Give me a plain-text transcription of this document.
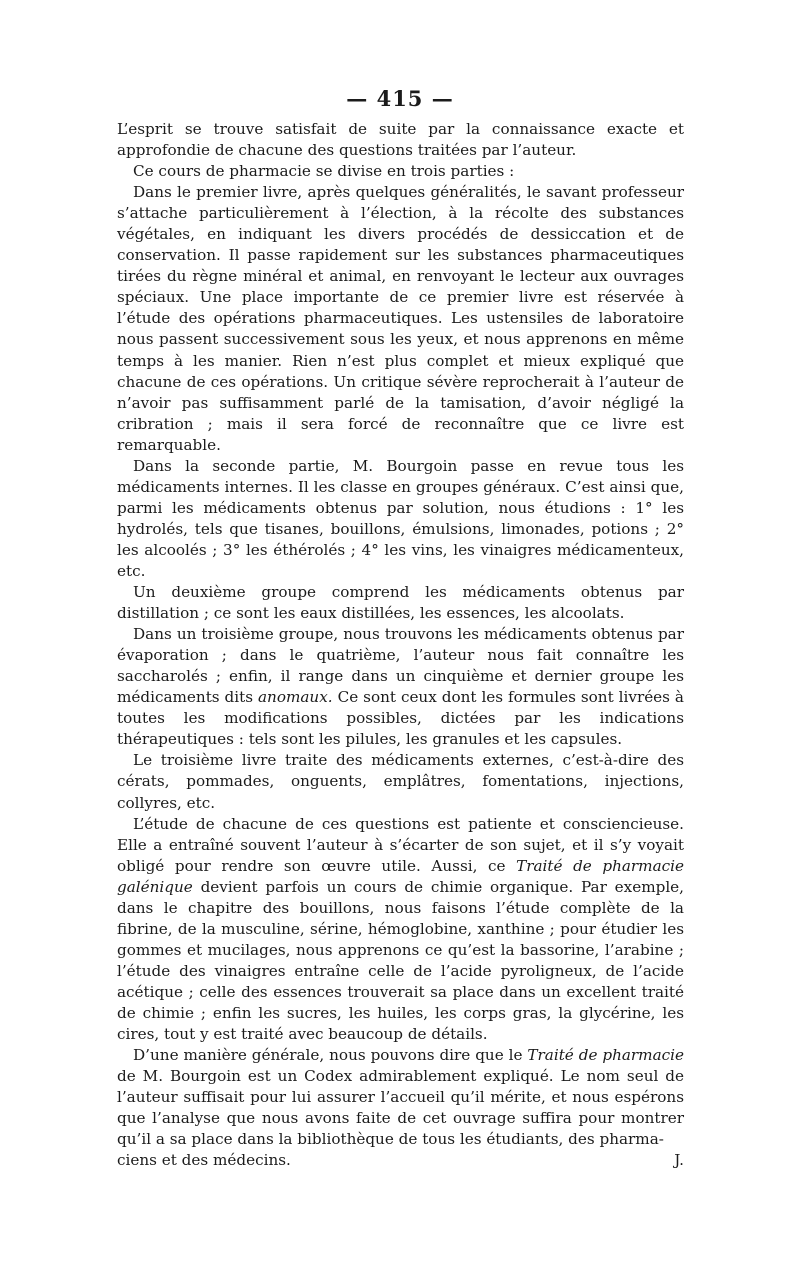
— 415 —

L’esprit se trouve satisfait de suite par la connaissance exacte et approfondie de chacune des questions traitées par l’auteur.

Ce cours de pharmacie se divise en trois parties :

Dans le premier livre, après quelques généralités, le savant professeur s’attache particulièrement à l’élection, à la récolte des substances végétales, en indiquant les divers procédés de dessiccation et de conservation. Il passe rapidement sur les substances pharmaceutiques tirées du règne minéral et animal, en renvoyant le lecteur aux ouvrages spéciaux. Une place importante de ce premier livre est réservée à l’étude des opérations pharmaceutiques. Les ustensiles de laboratoire nous passent successivement sous les yeux, et nous apprenons en même temps à les manier. Rien n’est plus complet et mieux expliqué que chacune de ces opérations. Un critique sévère reprocherait à l’auteur de n’avoir pas suffisamment parlé de la tamisation, d’avoir négligé la cribration ; mais il sera forcé de reconnaître que ce livre est remarquable.

Dans la seconde partie, M. Bourgoin passe en revue tous les médicaments internes. Il les classe en groupes généraux. C’est ainsi que, parmi les médicaments obtenus par solution, nous étudions : 1° les hydrolés, tels que tisanes, bouillons, émulsions, limonades, potions ; 2° les alcoolés ; 3° les éthérolés ; 4° les vins, les vinaigres médicamenteux, etc.

Un deuxième groupe comprend les médicaments obtenus par distillation ; ce sont les eaux distillées, les essences, les alcoolats.

Dans un troisième groupe, nous trouvons les médicaments obtenus par évaporation ; dans le quatrième, l’auteur nous fait connaître les saccharolés ; enfin, il range dans un cinquième et dernier groupe les médicaments dits anomaux. Ce sont ceux dont les formules sont livrées à toutes les modifications possibles, dictées par les indications thérapeutiques : tels sont les pilules, les granules et les capsules.

Le troisième livre traite des médicaments externes, c’est-à-dire des cérats, pommades, onguents, emplâtres, fomentations, injections, collyres, etc.

L’étude de chacune de ces questions est patiente et consciencieuse. Elle a entraîné souvent l’auteur à s’écarter de son sujet, et il s’y voyait obligé pour rendre son œuvre utile. Aussi, ce Traité de pharmacie galénique devient parfois un cours de chimie organique. Par exemple, dans le chapitre des bouillons, nous faisons l’étude complète de la fibrine, de la musculine, sérine, hémoglobine, xanthine ; pour étudier les gommes et mucilages, nous apprenons ce qu’est la bassorine, l’arabine ; l’étude des vinaigres entraîne celle de l’acide pyroligneux, de l’acide acétique ; celle des essences trouverait sa place dans un excellent traité de chimie ; enfin les sucres, les huiles, les corps gras, la glycérine, les cires, tout y est traité avec beaucoup de détails.

D’une manière générale, nous pouvons dire que le Traité de pharmacie de M. Bourgoin est un Codex admirablement expliqué. Le nom seul de l’auteur suffisait pour lui assurer l’accueil qu’il mérite, et nous espérons que l’analyse que nous avons faite de cet ouvrage suffira pour montrer qu’il a sa place dans la bibliothèque de tous les étudiants, des pharma-

ciens et des médecins.	J.
